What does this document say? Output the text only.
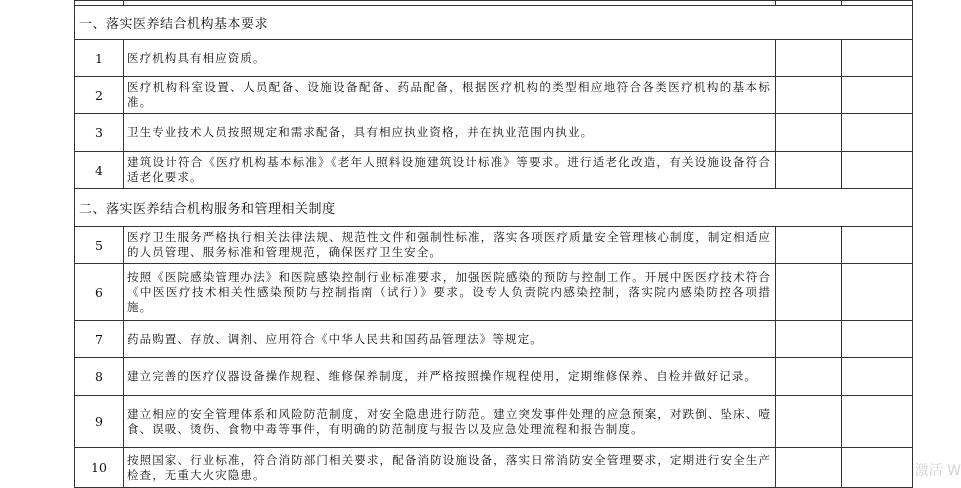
一、落实医养结合机构基本要求			
1	医疗机构具有相应资质。		
2	医疗机构科室设置、人员配备、设施设备配备、药品配备，根据医疗机构的类型相应地符合各类医疗机构的基本标准。		
3	卫生专业技术人员按照规定和需求配备，具有相应执业资格，并在执业范围内执业。		
4	建筑设计符合《医疗机构基本标准》《老年人照料设施建筑设计标准》等要求。进行适老化改造，有关设施设备符合适老化要求。		
二、落实医养结合机构服务和管理相关制度			
5	医疗卫生服务严格执行相关法律法规、规范性文件和强制性标准，落实各项医疗质量安全管理核心制度，制定相适应的人员管理、服务标准和管理规范，确保医疗卫生安全。		
6	按照《医院感染管理办法》和医院感染控制行业标准要求，加强医院感染的预防与控制工作。开展中医医疗技术符合《中医医疗技术相关性感染预防与控制指南（试行）》要求。设专人负责院内感染控制，落实院内感染防控各项措施。		
7	药品购置、存放、调剂、应用符合《中华人民共和国药品管理法》等规定。		
8	建立完善的医疗仪器设备操作规程、维修保养制度，并严格按照操作规程使用，定期维修保养、自检并做好记录。		
9	建立相应的安全管理体系和风险防范制度，对安全隐患进行防范。建立突发事件处理的应急预案，对跌倒、坠床、噎食、误吸、烫伤、食物中毒等事件，有明确的防范制度与报告以及应急处理流程和报告制度。		
10	按照国家、行业标准，符合消防部门相关要求，配备消防设施设备，落实日常消防安全管理要求，定期进行安全生产检查，无重大火灾隐患。			激活 W
